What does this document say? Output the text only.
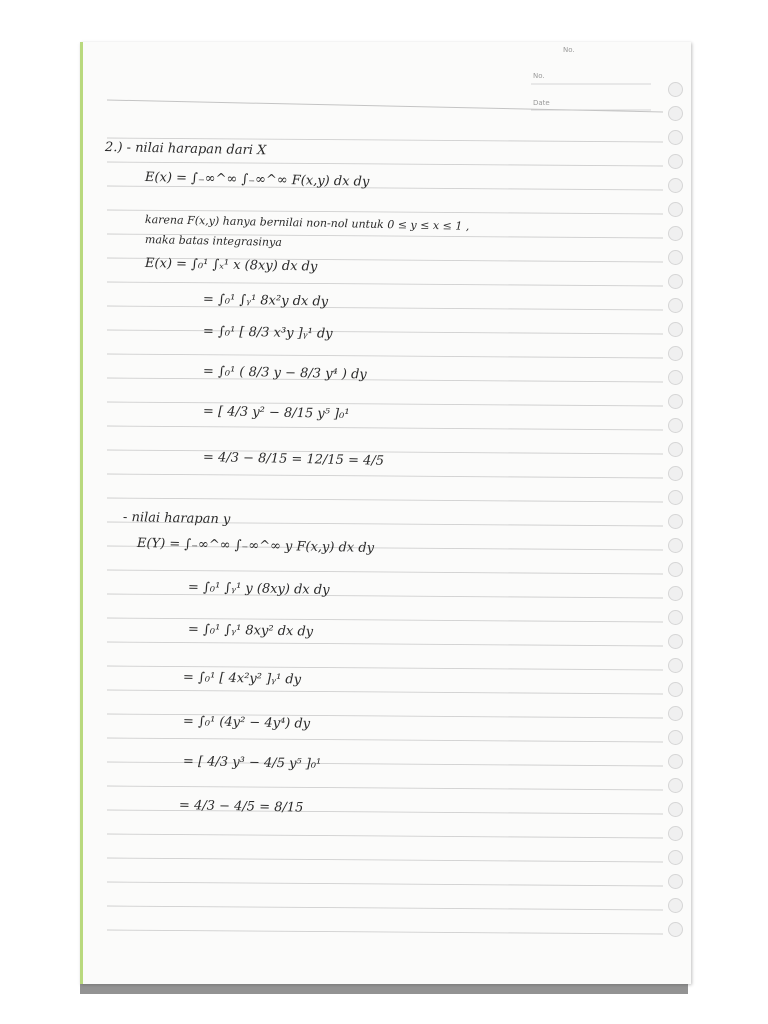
No.
No.
Date
2.) - nilai harapan dari X
E(x) = ∫₋∞^∞ ∫₋∞^∞ F(x,y) dx dy
karena F(x,y) hanya bernilai non-nol untuk 0 ≤ y ≤ x ≤ 1 ,
maka batas integrasinya
E(x) = ∫₀¹ ∫ₓ¹ x (8xy) dx dy
= ∫₀¹ ∫ᵧ¹ 8x²y dx dy
= ∫₀¹ [ 8/3 x³y ]ᵧ¹ dy
= ∫₀¹ ( 8/3 y − 8/3 y⁴ ) dy
= [ 4/3 y² − 8/15 y⁵ ]₀¹
= 4/3 − 8/15 = 12/15 = 4/5
- nilai harapan y
E(Y) = ∫₋∞^∞ ∫₋∞^∞ y F(x,y) dx dy
= ∫₀¹ ∫ᵧ¹ y (8xy) dx dy
= ∫₀¹ ∫ᵧ¹ 8xy² dx dy
= ∫₀¹ [ 4x²y² ]ᵧ¹ dy
= ∫₀¹ (4y² − 4y⁴) dy
= [ 4/3 y³ − 4/5 y⁵ ]₀¹
= 4/3 − 4/5 = 8/15
